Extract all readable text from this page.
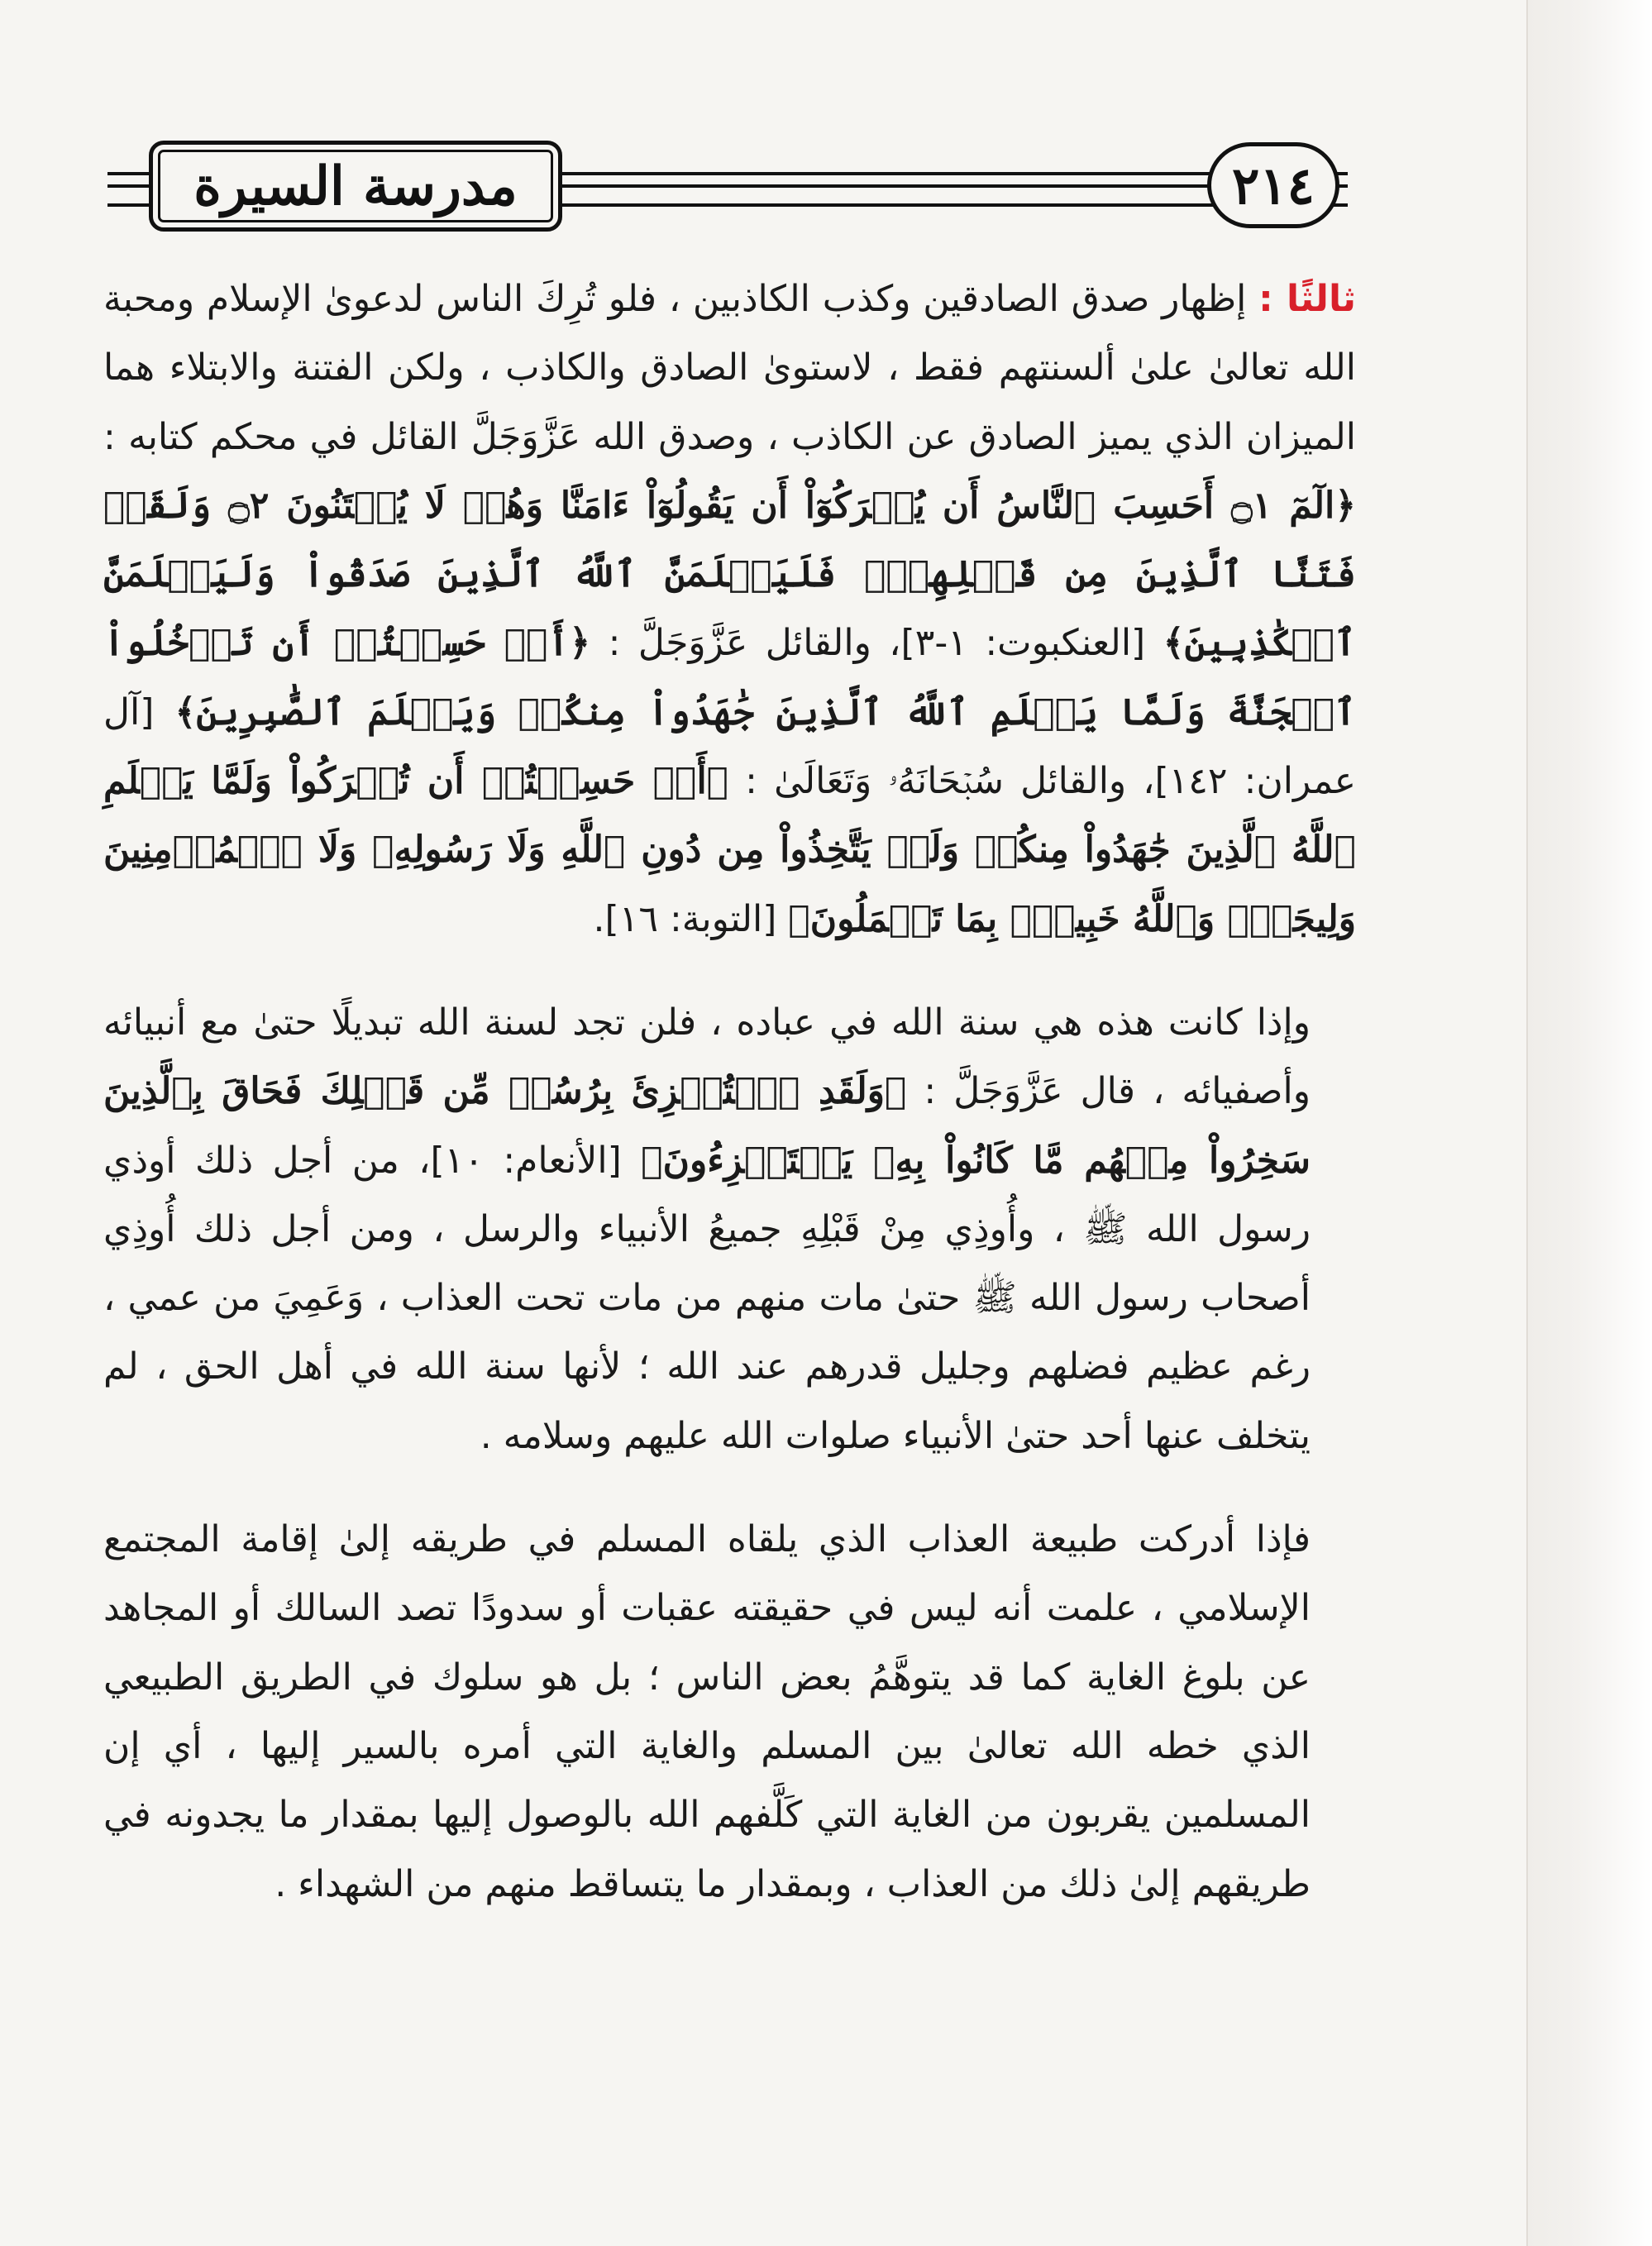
مدرسة السيرة	٢١٤

ثالثًا : إظهار صدق الصادقين وكذب الكاذبين ، فلو تُرِكَ الناس لدعوىٰ الإسلام ومحبة الله تعالىٰ علىٰ ألسنتهم فقط ، لاستوىٰ الصادق والكاذب ، ولكن الفتنة والابتلاء هما الميزان الذي يميز الصادق عن الكاذب ، وصدق الله عَزَّوَجَلَّ القائل في محكم كتابه : ﴿الٓمٓ ۝١ أَحَسِبَ ٱلنَّاسُ أَن يُتۡرَكُوٓاْ أَن يَقُولُوٓاْ ءَامَنَّا وَهُمۡ لَا يُفۡتَنُونَ ۝٢ وَلَقَدۡ فَتَنَّا ٱلَّذِينَ مِن قَبۡلِهِمۡۖ فَلَيَعۡلَمَنَّ ٱللَّهُ ٱلَّذِينَ صَدَقُواْ وَلَيَعۡلَمَنَّ ٱلۡكَٰذِبِينَ﴾ [العنكبوت: ١-٣]، والقائل عَزَّوَجَلَّ : ﴿أَمۡ حَسِبۡتُمۡ أَن تَدۡخُلُواْ ٱلۡجَنَّةَ وَلَمَّا يَعۡلَمِ ٱللَّهُ ٱلَّذِينَ جَٰهَدُواْ مِنكُمۡ وَيَعۡلَمَ ٱلصَّٰبِرِينَ﴾ [آل عمران: ١٤٢]، والقائل سُبۡحَانَهُۥ وَتَعَالَىٰ : ﴿أَمۡ حَسِبۡتُمۡ أَن تُتۡرَكُواْ وَلَمَّا يَعۡلَمِ ٱللَّهُ ٱلَّذِينَ جَٰهَدُواْ مِنكُمۡ وَلَمۡ يَتَّخِذُواْ مِن دُونِ ٱللَّهِ وَلَا رَسُولِهِۦ وَلَا ٱلۡمُؤۡمِنِينَ وَلِيجَةٗۚ وَٱللَّهُ خَبِيرُۢ بِمَا تَعۡمَلُونَ﴾ [التوبة: ١٦].

وإذا كانت هذه هي سنة الله في عباده ، فلن تجد لسنة الله تبديلًا حتىٰ مع أنبيائه وأصفيائه ، قال عَزَّوَجَلَّ : ﴿وَلَقَدِ ٱسۡتُهۡزِئَ بِرُسُلٖ مِّن قَبۡلِكَ فَحَاقَ بِٱلَّذِينَ سَخِرُواْ مِنۡهُم مَّا كَانُواْ بِهِۦ يَسۡتَهۡزِءُونَ﴾ [الأنعام: ١٠]، من أجل ذلك أوذي رسول الله ﷺ ، وأُوذِي مِنْ قَبْلِهِ جميعُ الأنبياء والرسل ، ومن أجل ذلك أُوذِي أصحاب رسول الله ﷺ حتىٰ مات منهم من مات تحت العذاب ، وَعَمِيَ من عمي ، رغم عظيم فضلهم وجليل قدرهم عند الله ؛ لأنها سنة الله في أهل الحق ، لم يتخلف عنها أحد حتىٰ الأنبياء صلوات الله عليهم وسلامه .

فإذا أدركت طبيعة العذاب الذي يلقاه المسلم في طريقه إلىٰ إقامة المجتمع الإسلامي ، علمت أنه ليس في حقيقته عقبات أو سدودًا تصد السالك أو المجاهد عن بلوغ الغاية كما قد يتوهَّمُ بعض الناس ؛ بل هو سلوك في الطريق الطبيعي الذي خطه الله تعالىٰ بين المسلم والغاية التي أمره بالسير إليها ، أي إن المسلمين يقربون من الغاية التي كَلَّفهم الله بالوصول إليها بمقدار ما يجدونه في طريقهم إلىٰ ذلك من العذاب ، وبمقدار ما يتساقط منهم من الشهداء .
